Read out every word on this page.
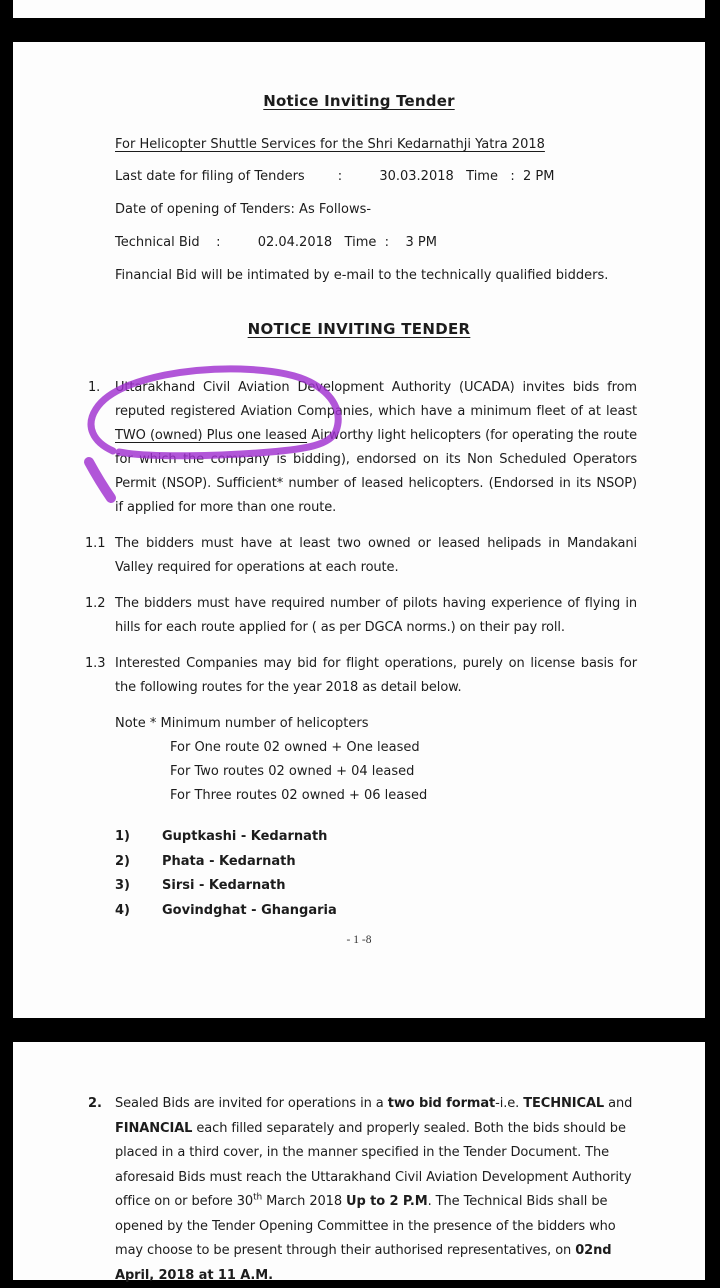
Notice Inviting Tender
For Helicopter Shuttle Services for the Shri Kedarnathji Yatra 2018
Last date for filing of Tenders        :         30.03.2018   Time   :  2 PM
Date of opening of Tenders: As Follows-
Technical Bid    :         02.04.2018   Time  :    3 PM
Financial Bid will be intimated by e-mail to the technically qualified bidders.
NOTICE INVITING TENDER
1. Uttarakhand Civil Aviation Development Authority (UCADA) invites bids from reputed registered Aviation Companies, which have a minimum fleet of at least TWO (owned) Plus one leased Airworthy light helicopters (for operating the route for which the company is bidding), endorsed on its Non Scheduled Operators Permit (NSOP). Sufficient* number of leased helicopters. (Endorsed in its NSOP) if applied for more than one route.
1.1 The bidders must have at least two owned or leased helipads in Mandakani Valley required for operations at each route.
1.2 The bidders must have required number of pilots having experience of flying in hills for each route applied for ( as per DGCA norms.) on their pay roll.
1.3 Interested Companies may bid for flight operations, purely on license basis for the following routes for the year 2018 as detail below.
Note * Minimum number of helicopters
For One route 02 owned + One leased
For Two routes 02 owned + 04 leased
For Three routes 02 owned + 06 leased
1) Guptkashi - Kedarnath
2) Phata - Kedarnath
3) Sirsi - Kedarnath
4) Govindghat - Ghangaria
- 1 -8
2. Sealed Bids are invited for operations in a two bid format-i.e. TECHNICAL and FINANCIAL each filled separately and properly sealed. Both the bids should be placed in a third cover, in the manner specified in the Tender Document. The aforesaid Bids must reach the Uttarakhand Civil Aviation Development Authority office on or before 30th March 2018 Up to 2 P.M. The Technical Bids shall be opened by the Tender Opening Committee in the presence of the bidders who may choose to be present through their authorised representatives, on 02nd April, 2018 at 11 A.M.
